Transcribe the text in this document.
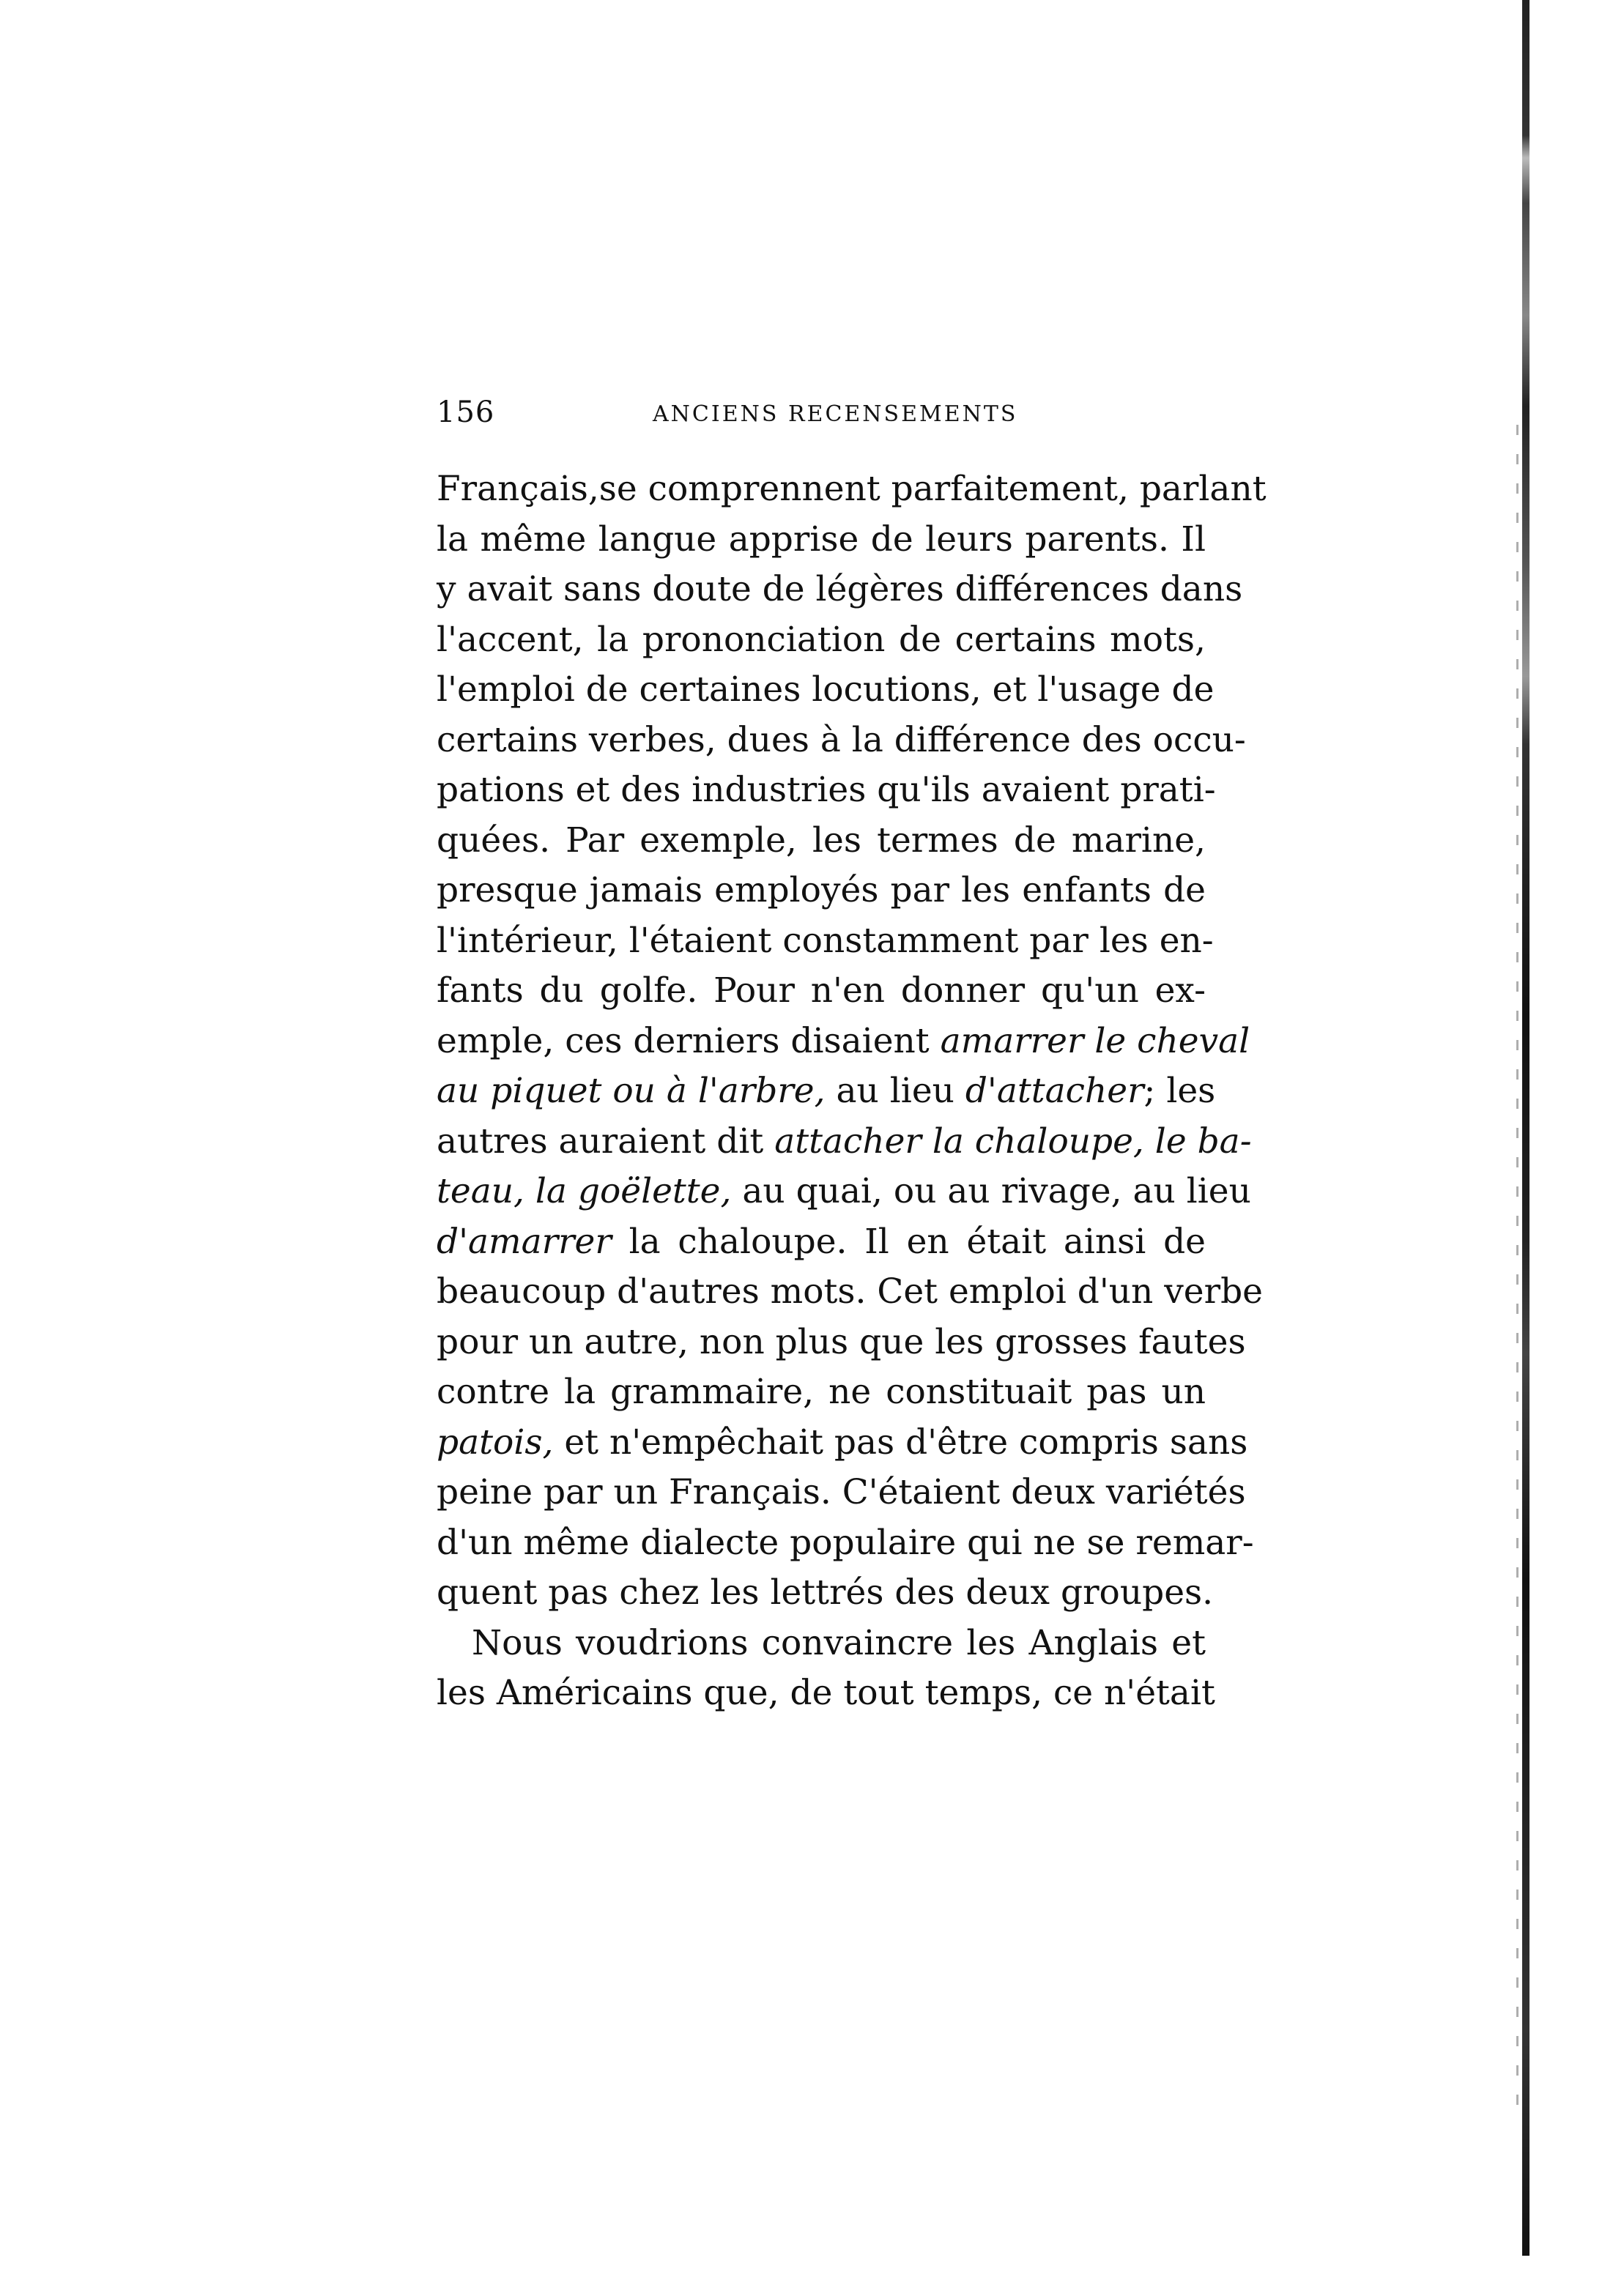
156	ANCIENS RECENSEMENTS
Français,se comprennent parfaitement, parlant
la même langue apprise de leurs parents. Il
y avait sans doute de légères différences dans
l'accent, la prononciation de certains mots,
l'emploi de certaines locutions, et l'usage de
certains verbes, dues à la différence des occu-
pations et des industries qu'ils avaient prati-
quées. Par exemple, les termes de marine,
presque jamais employés par les enfants de
l'intérieur, l'étaient constamment par les en-
fants du golfe. Pour n'en donner qu'un ex-
emple, ces derniers disaient amarrer le cheval
au piquet ou à l'arbre, au lieu d'attacher; les
autres auraient dit attacher la chaloupe, le ba-
teau, la goëlette, au quai, ou au rivage, au lieu
d'amarrer la chaloupe. Il en était ainsi de
beaucoup d'autres mots. Cet emploi d'un verbe
pour un autre, non plus que les grosses fautes
contre la grammaire, ne constituait pas un
patois, et n'empêchait pas d'être compris sans
peine par un Français. C'étaient deux variétés
d'un même dialecte populaire qui ne se remar-
quent pas chez les lettrés des deux groupes.
Nous voudrions convaincre les Anglais et
les Américains que, de tout temps, ce n'était
